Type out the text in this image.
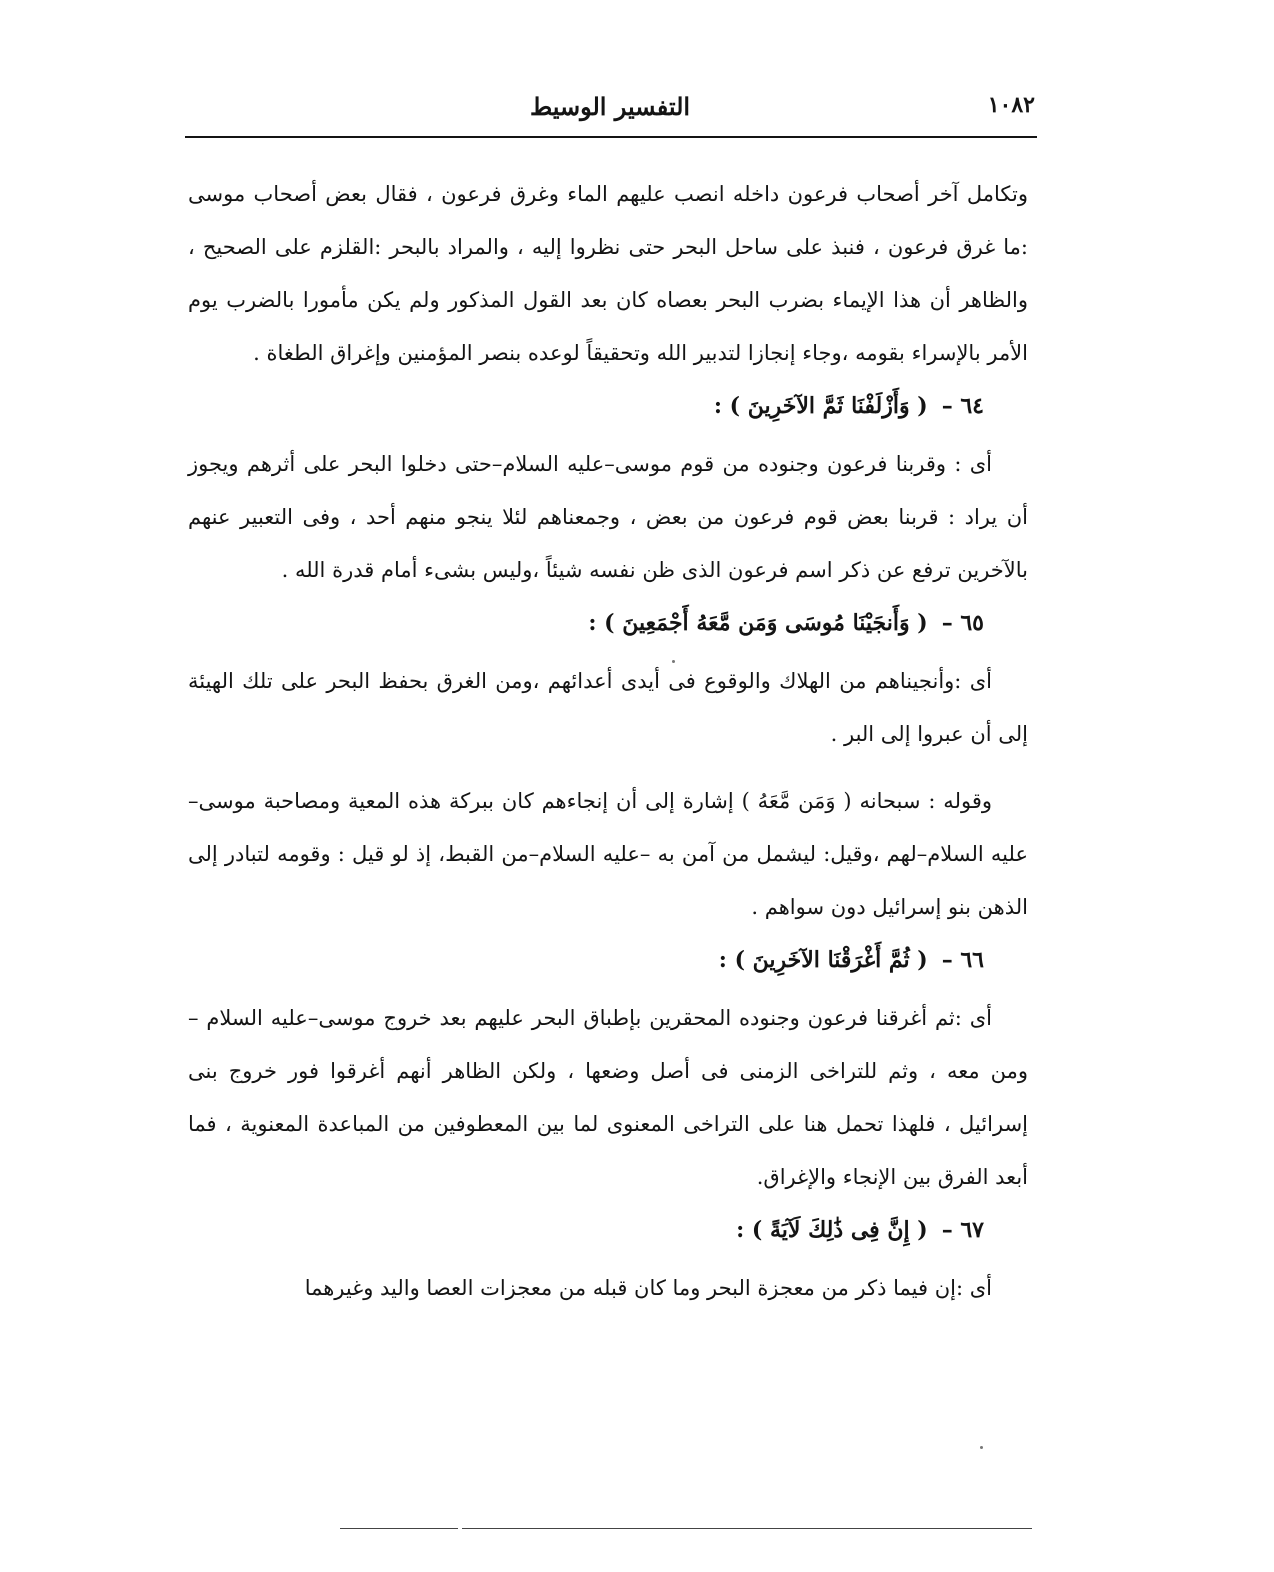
١٠٨٢
التفسير الوسيط

وتكامل آخر أصحاب فرعون داخله انصب عليهم الماء وغرق فرعون ، فقال بعض أصحاب موسى :ما غرق فرعون ، فنبذ على ساحل البحر حتى نظروا إليه ، والمراد بالبحر :القلزم على الصحيح ، والظاهر أن هذا الإيماء بضرب البحر بعصاه كان بعد القول المذكور ولم يكن مأمورا بالضرب يوم الأمر بالإسراء بقومه ،وجاء إنجازا لتدبير الله وتحقيقاً لوعده بنصر المؤمنين وإغراق الطغاة .

٦٤ –( وَأَزْلَفْنَا ثَمَّ الآخَرِينَ ) :

أى : وقربنا فرعون وجنوده من قوم موسى–عليه السلام–حتى دخلوا البحر على أثرهم ويجوز أن يراد : قربنا بعض قوم فرعون من بعض ، وجمعناهم لئلا ينجو منهم أحد ، وفى التعبير عنهم بالآخرين ترفع عن ذكر اسم فرعون الذى ظن نفسه شيئاً ،وليس بشىء أمام قدرة الله .

٦٥ –( وَأَنجَيْنَا مُوسَى وَمَن مَّعَهُ أَجْمَعِينَ ) :

أى :وأنجيناهم من الهلاك والوقوع فى أيدى أعدائهم ،ومن الغرق بحفظ البحر على تلك الهيئة إلى أن عبروا إلى البر .

وقوله : سبحانه ( وَمَن مَّعَهُ ) إشارة إلى أن إنجاءهم كان ببركة هذه المعية ومصاحبة موسى–عليه السلام–لهم ،وقيل: ليشمل من آمن به –عليه السلام–من القبط، إذ لو قيل : وقومه لتبادر إلى الذهن بنو إسرائيل دون سواهم .

٦٦ –( ثُمَّ أَغْرَقْنَا الآخَرِينَ ) :

أى :ثم أغرقنا فرعون وجنوده المحقرين بإطباق البحر عليهم بعد خروج موسى–عليه السلام –ومن معه ، وثم للتراخى الزمنى فى أصل وضعها ، ولكن الظاهر أنهم أغرقوا فور خروج بنى إسرائيل ، فلهذا تحمل هنا على التراخى المعنوى لما بين المعطوفين من المباعدة المعنوية ، فما أبعد الفرق بين الإنجاء والإغراق.

٦٧ –( إِنَّ فِى ذَٰلِكَ لَآيَةً ) :

أى :إن فيما ذكر من معجزة البحر وما كان قبله من معجزات العصا واليد وغيرهما
